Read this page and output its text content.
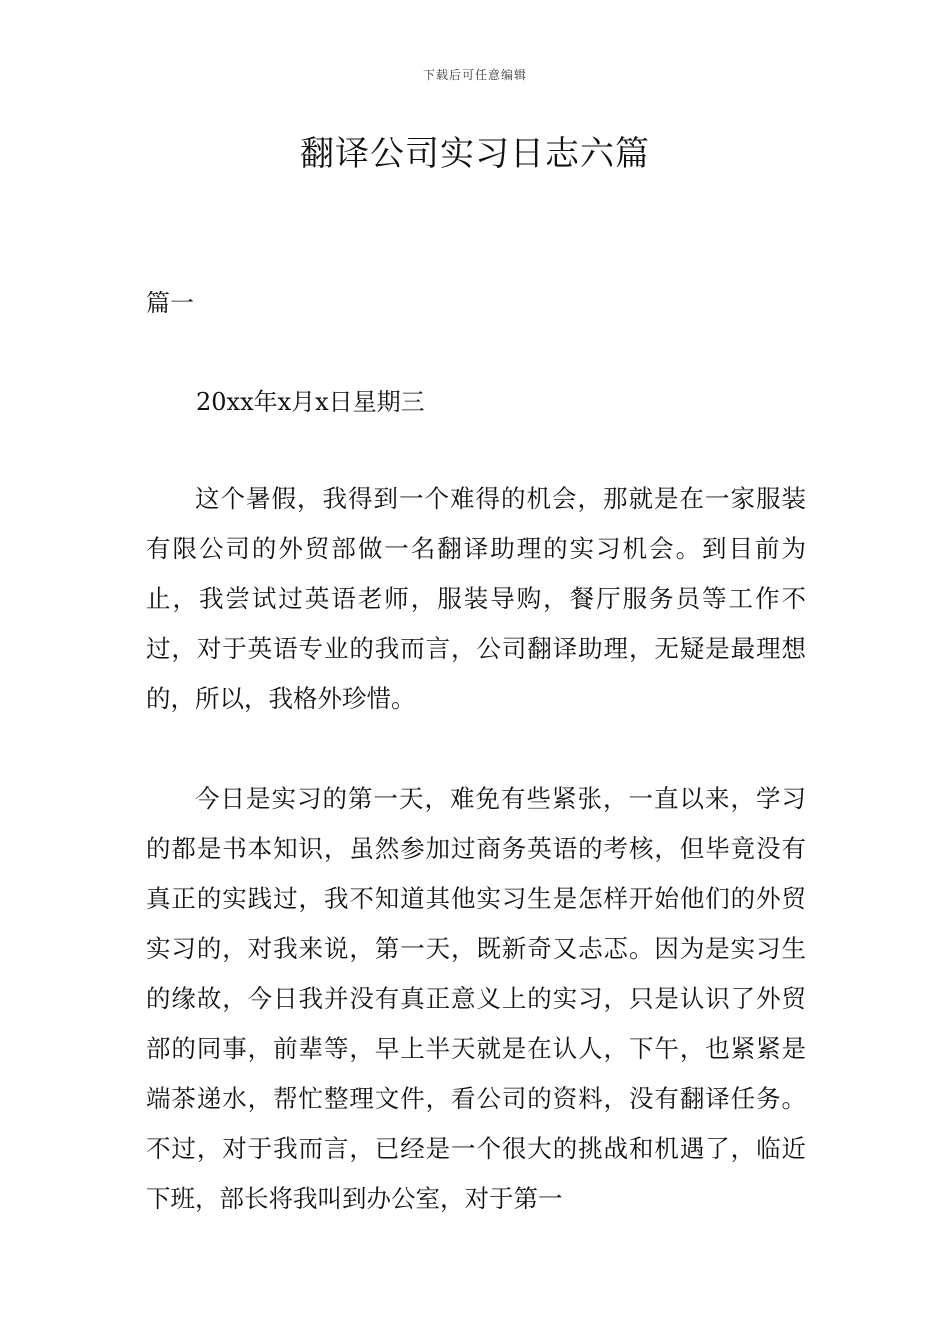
下载后可任意编辑
翻译公司实习日志六篇
篇一

20xx年x月x日星期三

这个暑假，我得到一个难得的机会，那就是在一家服装有限公司的外贸部做一名翻译助理的实习机会。到目前为止，我尝试过英语老师，服装导购，餐厅服务员等工作不过，对于英语专业的我而言，公司翻译助理，无疑是最理想的，所以，我格外珍惜。

今日是实习的第一天，难免有些紧张，一直以来，学习的都是书本知识，虽然参加过商务英语的考核，但毕竟没有真正的实践过，我不知道其他实习生是怎样开始他们的外贸实习的，对我来说，第一天，既新奇又忐忑。因为是实习生的缘故，今日我并没有真正意义上的实习，只是认识了外贸部的同事，前辈等，早上半天就是在认人，下午，也紧紧是端茶递水，帮忙整理文件，看公司的资料，没有翻译任务。不过，对于我而言，已经是一个很大的挑战和机遇了，临近下班，部长将我叫到办公室，对于第一
